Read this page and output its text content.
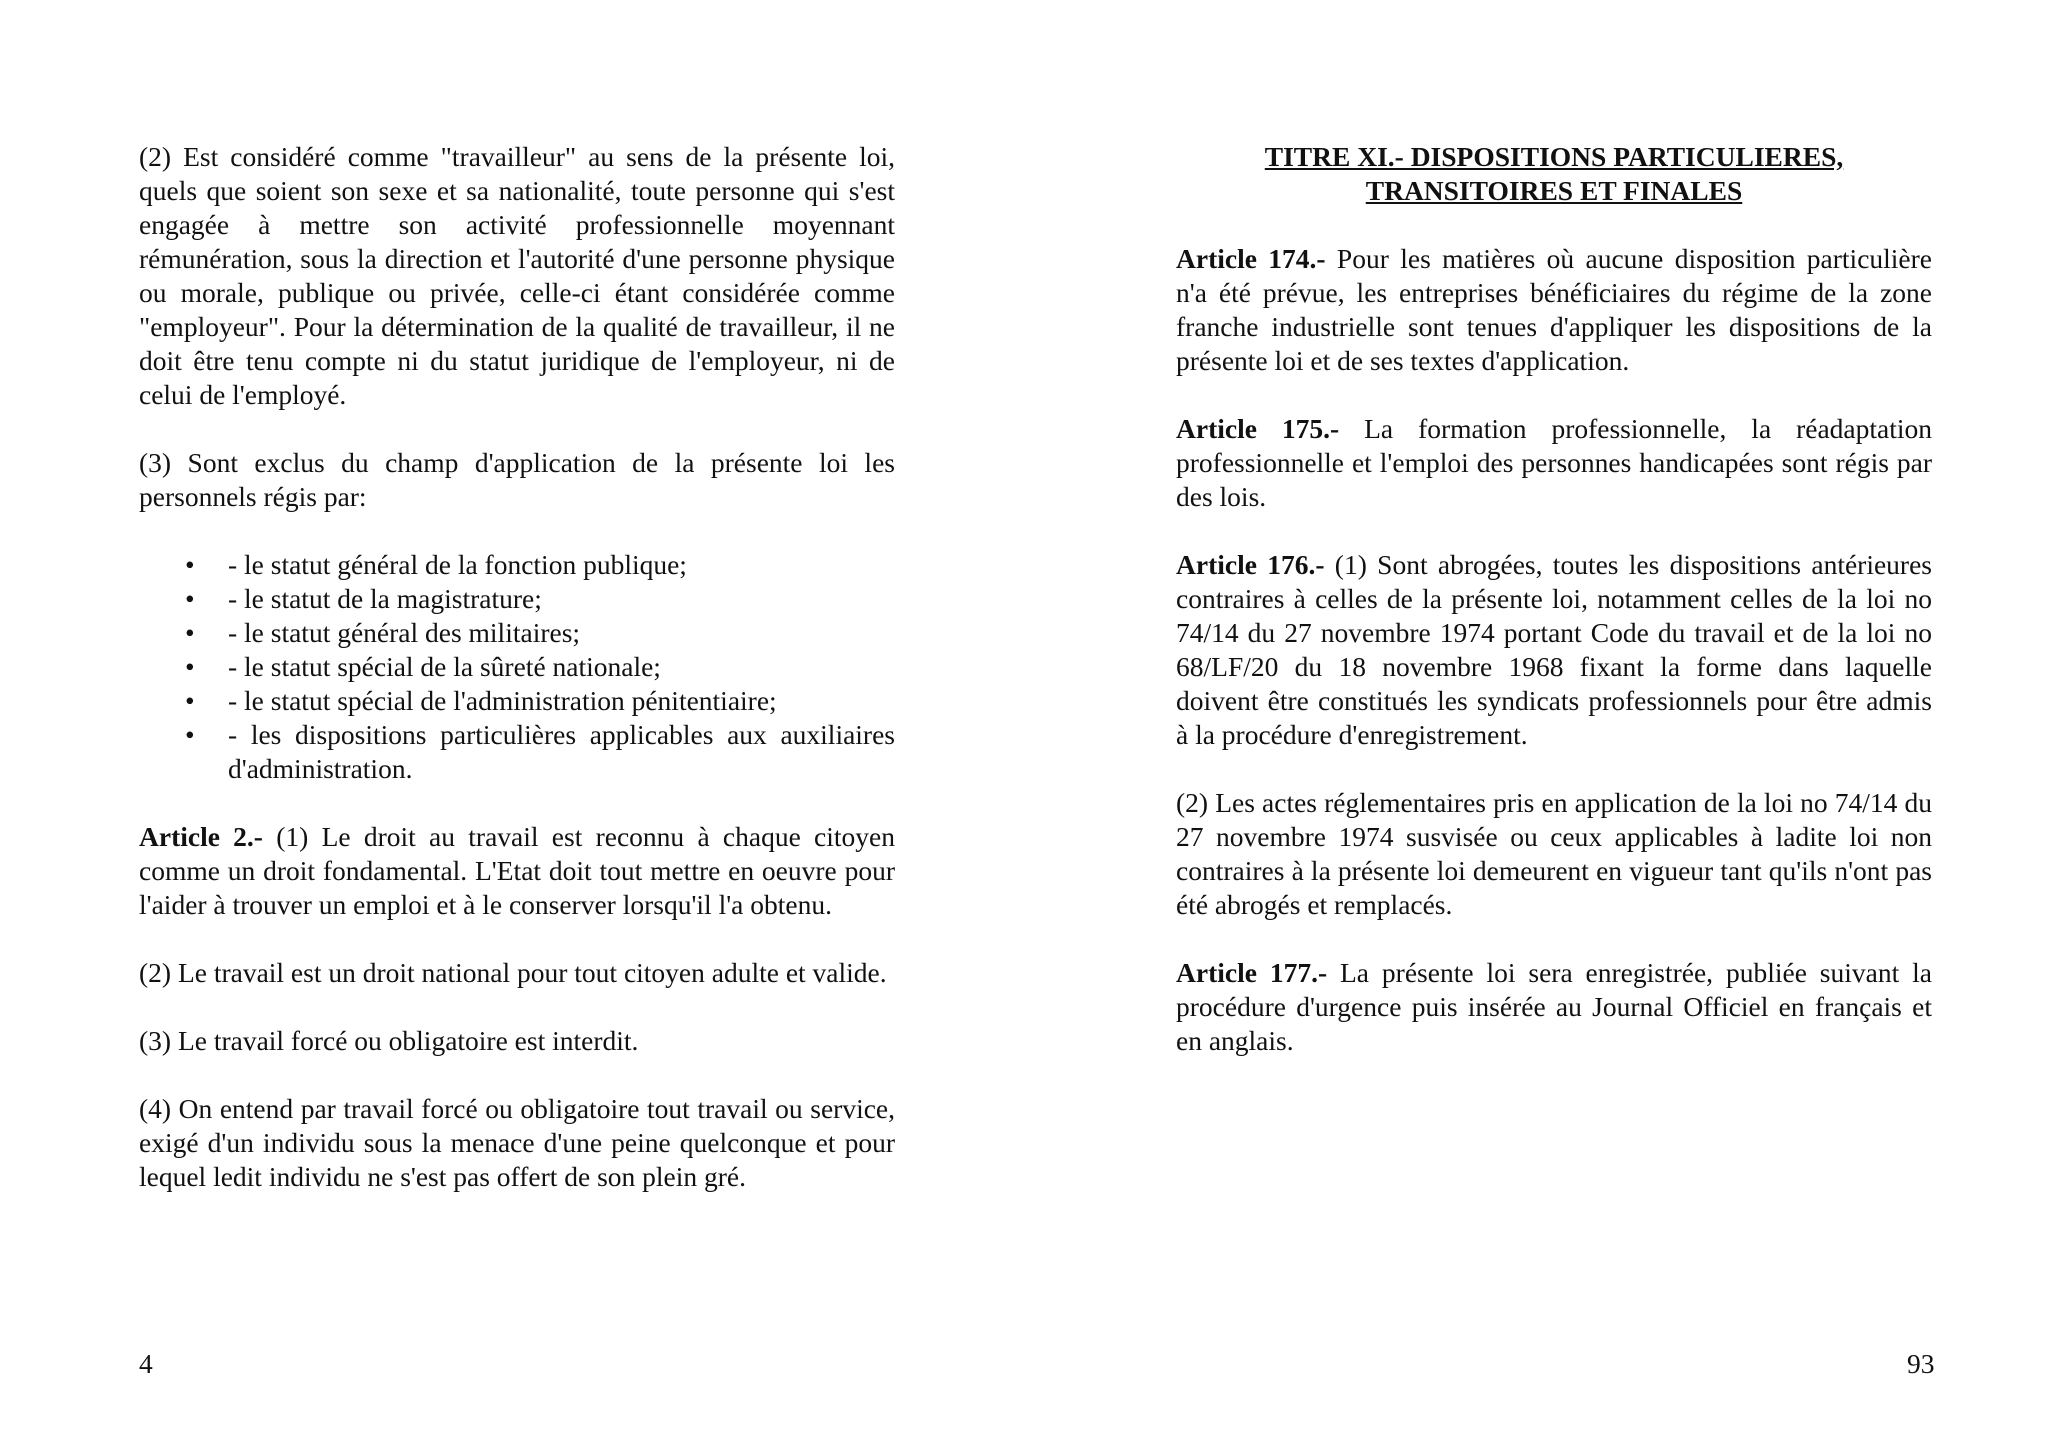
(2) Est considéré comme "travailleur" au sens de la présente loi, quels que soient son sexe et sa nationalité, toute personne qui s'est engagée à mettre son activité professionnelle moyennant rémunération, sous la direction et l'autorité d'une personne physique ou morale, publique ou privée, celle-ci étant considérée comme "employeur". Pour la détermination de la qualité de travailleur, il ne doit être tenu compte ni du statut juridique de l'employeur, ni de celui de l'employé.

(3) Sont exclus du champ d'application de la présente loi les personnels régis par:

• - le statut général de la fonction publique;
• - le statut de la magistrature;
• - le statut général des militaires;
• - le statut spécial de la sûreté nationale;
• - le statut spécial de l'administration pénitentiaire;
• - les dispositions particulières applicables aux auxiliaires d'administration.

Article 2.- (1) Le droit au travail est reconnu à chaque citoyen comme un droit fondamental. L'Etat doit tout mettre en oeuvre pour l'aider à trouver un emploi et à le conserver lorsqu'il l'a obtenu.

(2) Le travail est un droit national pour tout citoyen adulte et valide.

(3) Le travail forcé ou obligatoire est interdit.

(4) On entend par travail forcé ou obligatoire tout travail ou service, exigé d'un individu sous la menace d'une peine quelconque et pour lequel ledit individu ne s'est pas offert de son plein gré.

4
TITRE XI.- DISPOSITIONS PARTICULIERES,
TRANSITOIRES ET FINALES

Article 174.- Pour les matières où aucune disposition particulière n'a été prévue, les entreprises bénéficiaires du régime de la zone franche industrielle sont tenues d'appliquer les dispositions de la présente loi et de ses textes d'application.

Article 175.- La formation professionnelle, la réadaptation professionnelle et l'emploi des personnes handicapées sont régis par des lois.

Article 176.- (1) Sont abrogées, toutes les dispositions antérieures contraires à celles de la présente loi, notamment celles de la loi no 74/14 du 27 novembre 1974 portant Code du travail et de la loi no 68/LF/20 du 18 novembre 1968 fixant la forme dans laquelle doivent être constitués les syndicats professionnels pour être admis à la procédure d'enregistrement.

(2) Les actes réglementaires pris en application de la loi no 74/14 du 27 novembre 1974 susvisée ou ceux applicables à ladite loi non contraires à la présente loi demeurent en vigueur tant qu'ils n'ont pas été abrogés et remplacés.

Article 177.- La présente loi sera enregistrée, publiée suivant la procédure d'urgence puis insérée au Journal Officiel en français et en anglais.

93
